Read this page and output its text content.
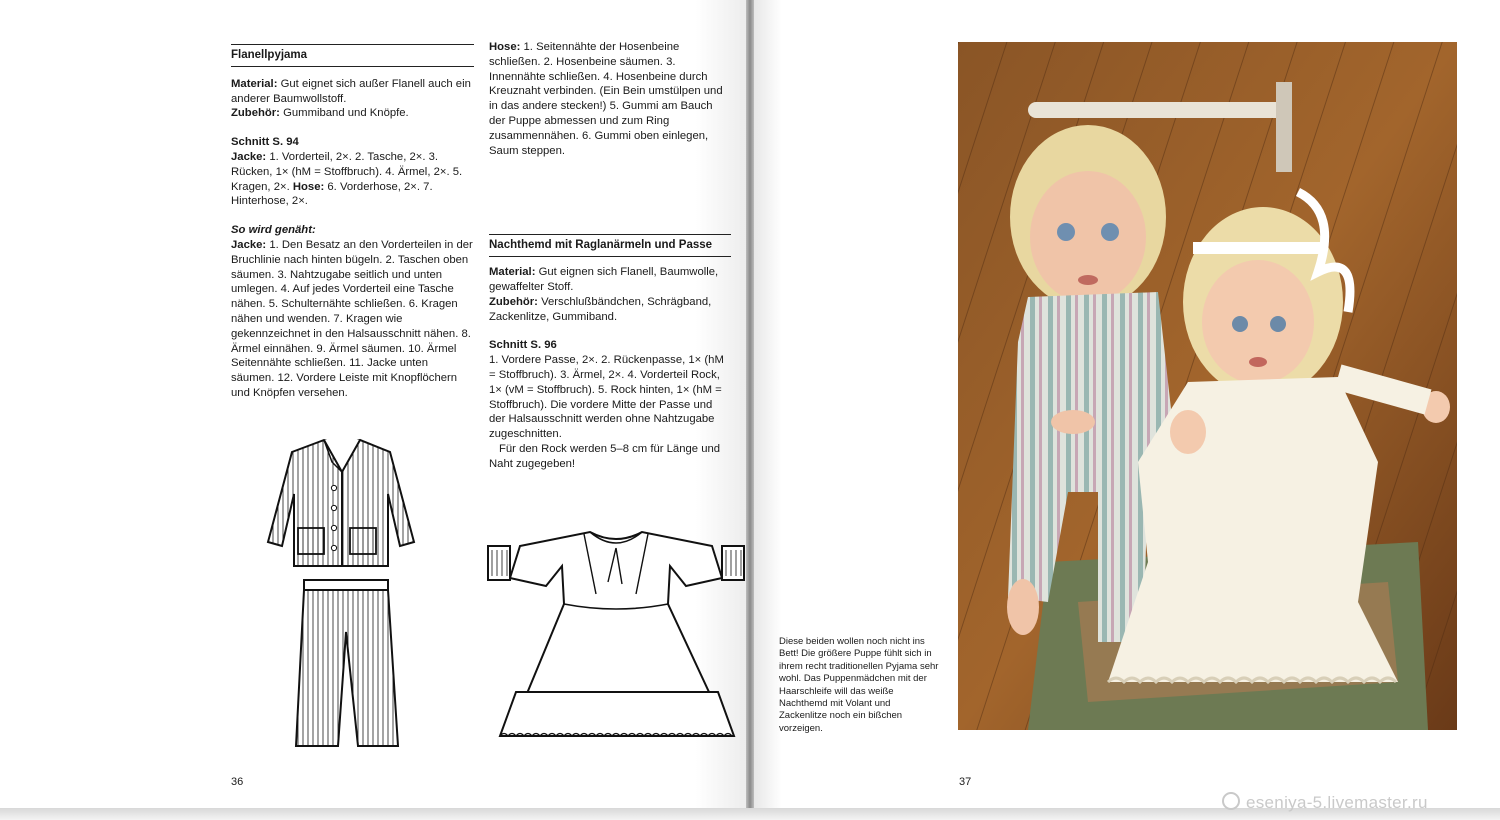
Flanellpyjama

Material: Gut eignet sich außer Flanell auch ein anderer Baumwollstoff.

Zubehör: Gummiband und Knöpfe.

Schnitt S. 94

Jacke: 1. Vorderteil, 2×. 2. Tasche, 2×. 3. Rücken, 1× (hM = Stoffbruch). 4. Ärmel, 2×. 5. Kragen, 2×. Hose: 6. Vorderhose, 2×. 7. Hinterhose, 2×.

So wird genäht:

Jacke: 1. Den Besatz an den Vorderteilen in der Bruchlinie nach hinten bügeln. 2. Taschen oben säumen. 3. Nahtzugabe seitlich und unten umlegen. 4. Auf jedes Vorderteil eine Tasche nähen. 5. Schulternähte schließen. 6. Kragen nähen und wenden. 7. Kragen wie gekennzeichnet in den Halsausschnitt nähen. 8. Ärmel einnähen. 9. Ärmel säumen. 10. Ärmel Seitennähte schließen. 11. Jacke unten säumen. 12. Vordere Leiste mit Knopflöchern und Knöpfen versehen.

Hose: 1. Seitennähte der Hosenbeine schließen. 2. Hosenbeine säumen. 3. Innennähte schließen. 4. Hosenbeine durch Kreuznaht verbinden. (Ein Bein umstülpen und in das andere stecken!) 5. Gummi am Bauch der Puppe abmessen und zum Ring zusammennähen. 6. Gummi oben einlegen, Saum steppen.

Nachthemd mit Raglanärmeln und Passe

Material: Gut eignen sich Flanell, Baumwolle, gewaffelter Stoff.

Zubehör: Verschlußbändchen, Schrägband, Zackenlitze, Gummiband.

Schnitt S. 96

1. Vordere Passe, 2×. 2. Rückenpasse, 1× (hM = Stoffbruch). 3. Ärmel, 2×. 4. Vorderteil Rock, 1× (vM = Stoffbruch). 5. Rock hinten, 1× (hM = Stoffbruch). Die vordere Mitte der Passe und der Halsausschnitt werden ohne Nahtzugabe zugeschnitten.

Für den Rock werden 5–8 cm für Länge und Naht zugegeben!

36	37
Diese beiden wollen noch nicht ins Bett! Die größere Puppe fühlt sich in ihrem recht traditionellen Pyjama sehr wohl. Das Puppenmädchen mit der Haarschleife will das weiße Nachthemd mit Volant und Zackenlitze noch ein bißchen vorzeigen.
eseniya-5.livemaster.ru
